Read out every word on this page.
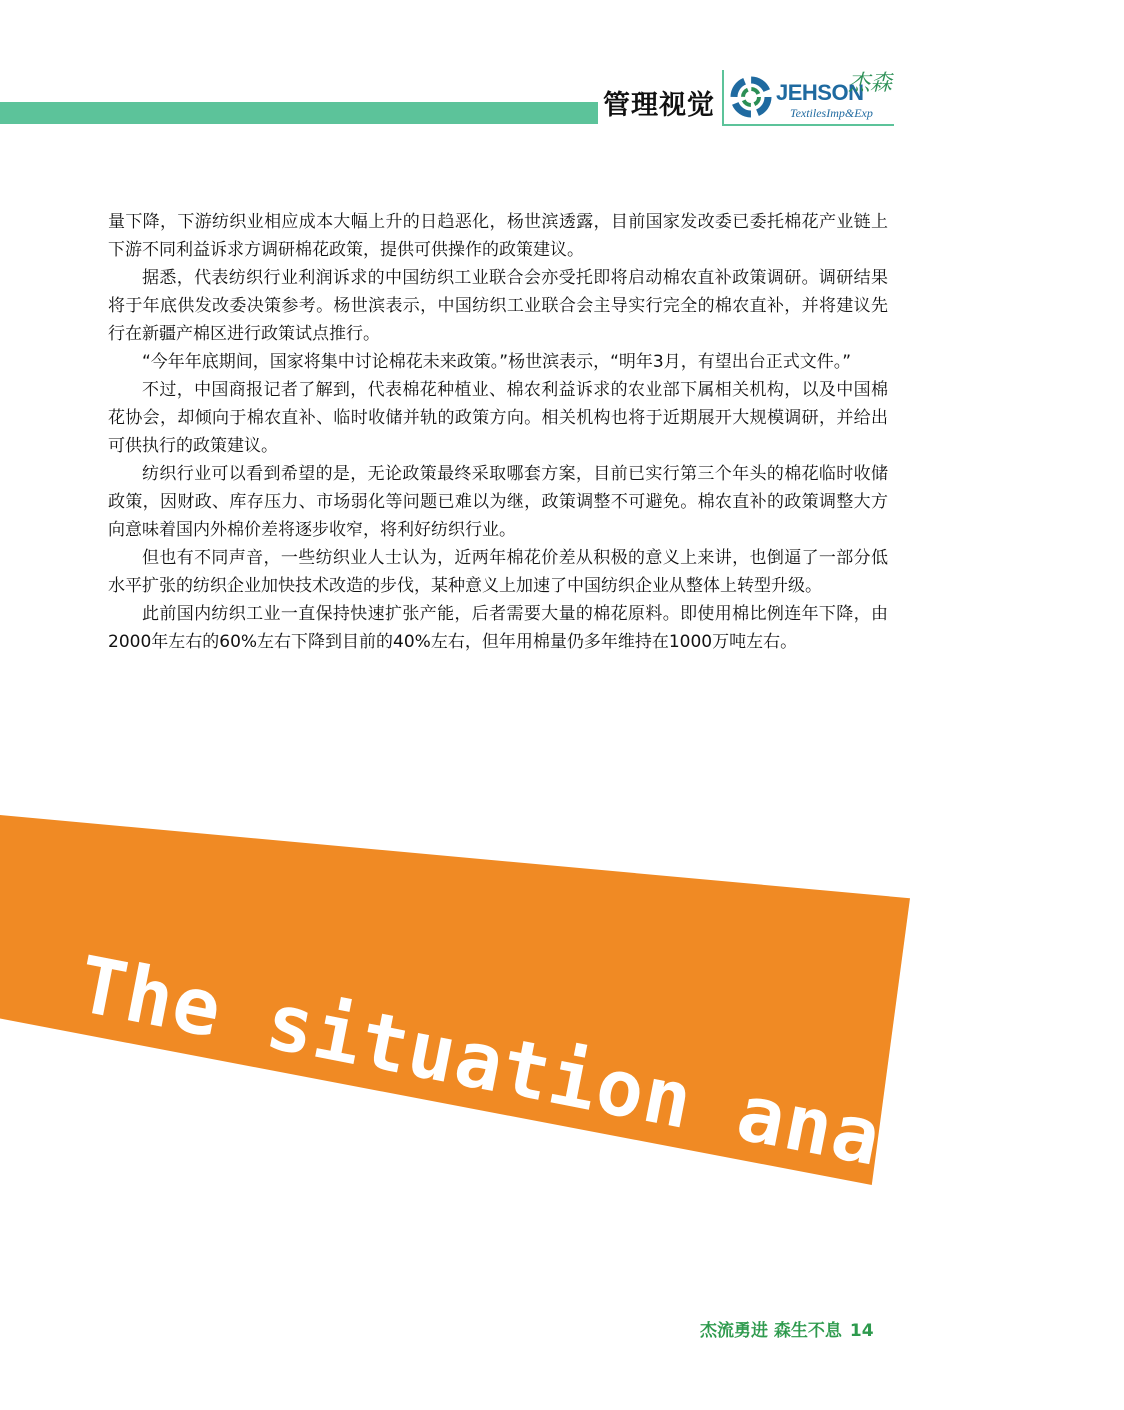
管理视觉	JEHSON
杰森
TextilesImp&Exp

量下降，下游纺织业相应成本大幅上升的日趋恶化，杨世滨透露，目前国家发改委已委托棉花产业链上下游不同利益诉求方调研棉花政策，提供可供操作的政策建议。

据悉，代表纺织行业利润诉求的中国纺织工业联合会亦受托即将启动棉农直补政策调研。调研结果将于年底供发改委决策参考。杨世滨表示，中国纺织工业联合会主导实行完全的棉农直补，并将建议先行在新疆产棉区进行政策试点推行。

“今年年底期间，国家将集中讨论棉花未来政策。”杨世滨表示，“明年3月，有望出台正式文件。”

不过，中国商报记者了解到，代表棉花种植业、棉农利益诉求的农业部下属相关机构，以及中国棉花协会，却倾向于棉农直补、临时收储并轨的政策方向。相关机构也将于近期展开大规模调研，并给出可供执行的政策建议。

纺织行业可以看到希望的是，无论政策最终采取哪套方案，目前已实行第三个年头的棉花临时收储政策，因财政、库存压力、市场弱化等问题已难以为继，政策调整不可避免。棉农直补的政策调整大方向意味着国内外棉价差将逐步收窄，将利好纺织行业。

但也有不同声音，一些纺织业人士认为，近两年棉花价差从积极的意义上来讲，也倒逼了一部分低水平扩张的纺织企业加快技术改造的步伐，某种意义上加速了中国纺织企业从整体上转型升级。

此前国内纺织工业一直保持快速扩张产能，后者需要大量的棉花原料。即使用棉比例连年下降，由2000年左右的60%左右下降到目前的40%左右，但年用棉量仍多年维持在1000万吨左右。

The situation analysis
杰流勇进 森生不息 14
